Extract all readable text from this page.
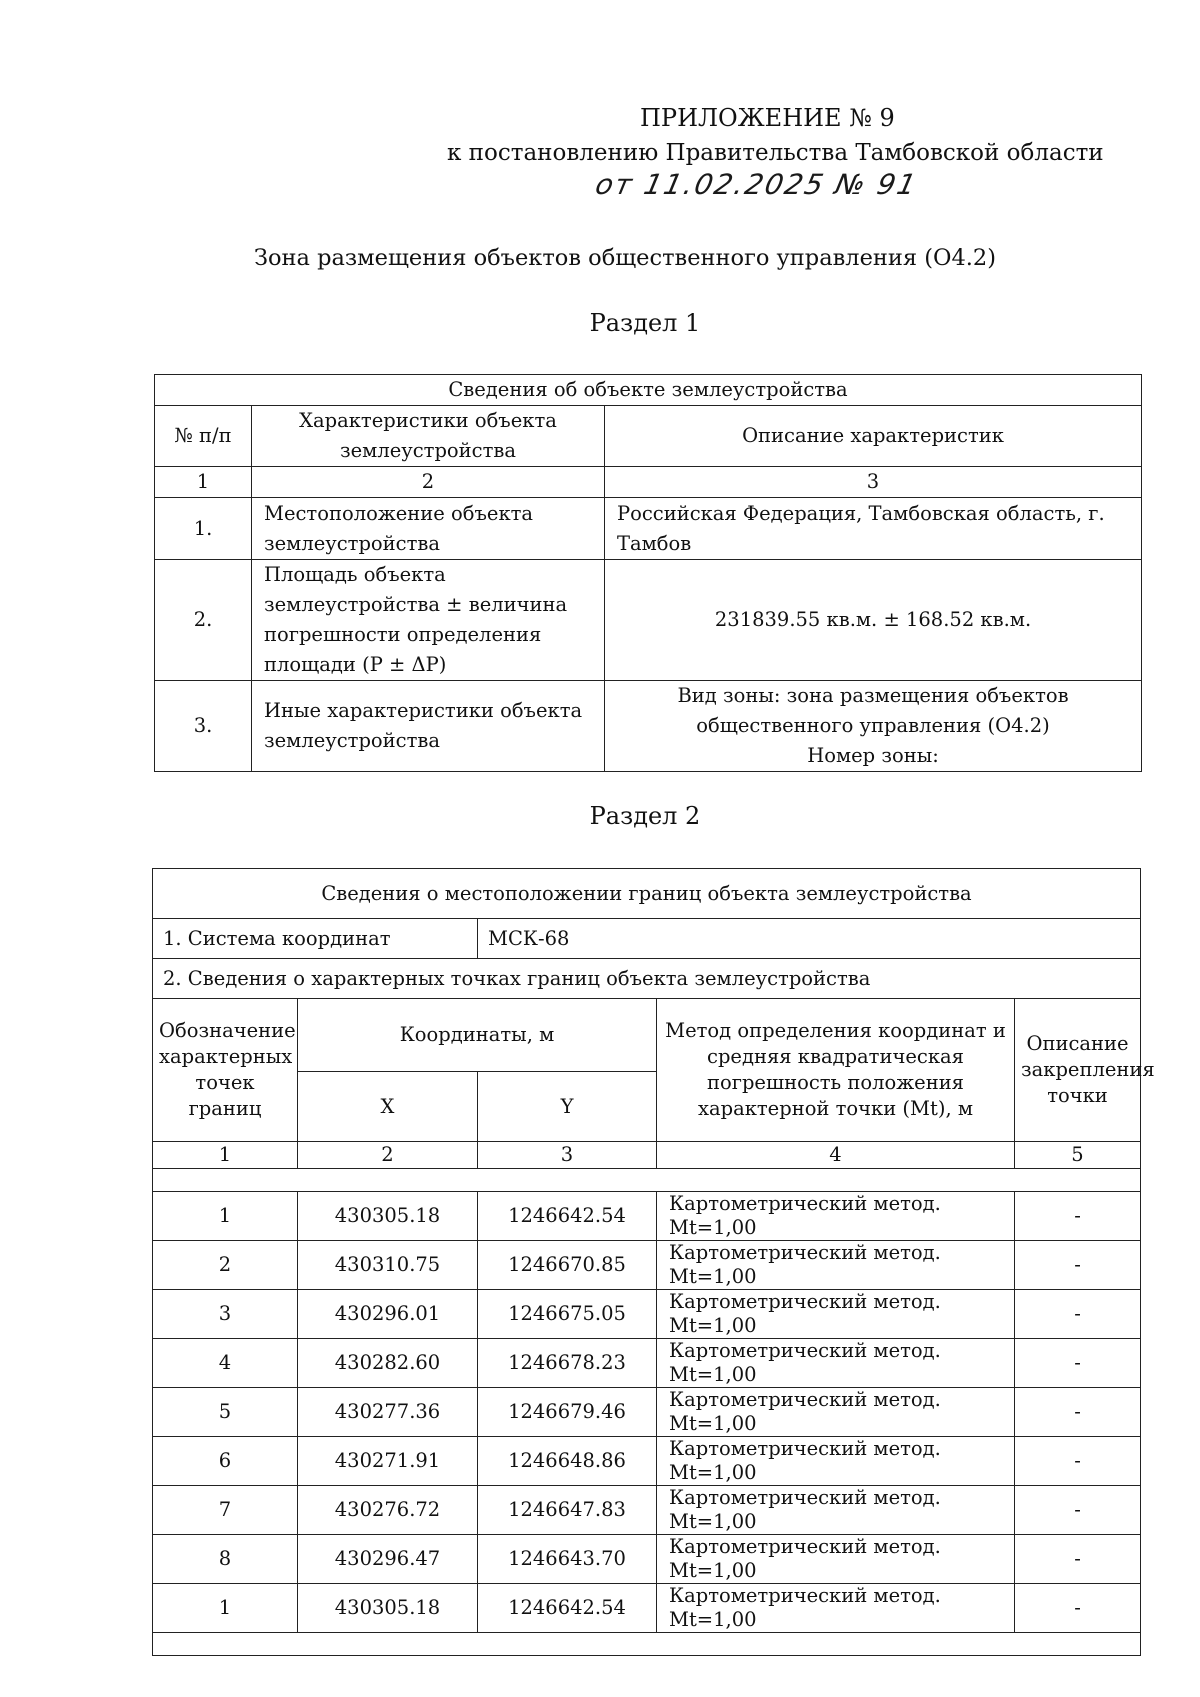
ПРИЛОЖЕНИЕ № 9
к постановлению Правительства Тамбовской области
от 11.02.2025 № 91
Зона размещения объектов общественного управления (О4.2)
Раздел 1
Сведения об объекте землеустройства		
№ п/п	Характеристики объекта землеустройства	Описание характеристик
1	2	3
1.	Местоположение объекта землеустройства	Российская Федерация, Тамбовская область, г. Тамбов
2.	Площадь объекта землеустройства ± величина погрешности определения площади (P ± ΔP)	231839.55 кв.м. ± 168.52 кв.м.
3.	Иные характеристики объекта землеустройства	Вид зоны: зона размещения объектов
общественного управления (О4.2)
Номер зоны:
Раздел 2
Сведения о местоположении границ объекта землеустройства				
1. Система координат		МСК-68		
2. Сведения о характерных точках границ объекта землеустройства				
Обозначение характерных точек границ	Координаты, м		Метод определения координат и средняя квадратическая погрешность положения характерной точки (Mt), м	Описание закрепления точки
	X	Y		
1	2	3	4	5

1	430305.18	1246642.54	Картометрический метод. Mt=1,00	-
2	430310.75	1246670.85	Картометрический метод. Mt=1,00	-
3	430296.01	1246675.05	Картометрический метод. Mt=1,00	-
4	430282.60	1246678.23	Картометрический метод. Mt=1,00	-
5	430277.36	1246679.46	Картометрический метод. Mt=1,00	-
6	430271.91	1246648.86	Картометрический метод. Mt=1,00	-
7	430276.72	1246647.83	Картометрический метод. Mt=1,00	-
8	430296.47	1246643.70	Картометрический метод. Mt=1,00	-
1	430305.18	1246642.54	Картометрический метод. Mt=1,00	-
